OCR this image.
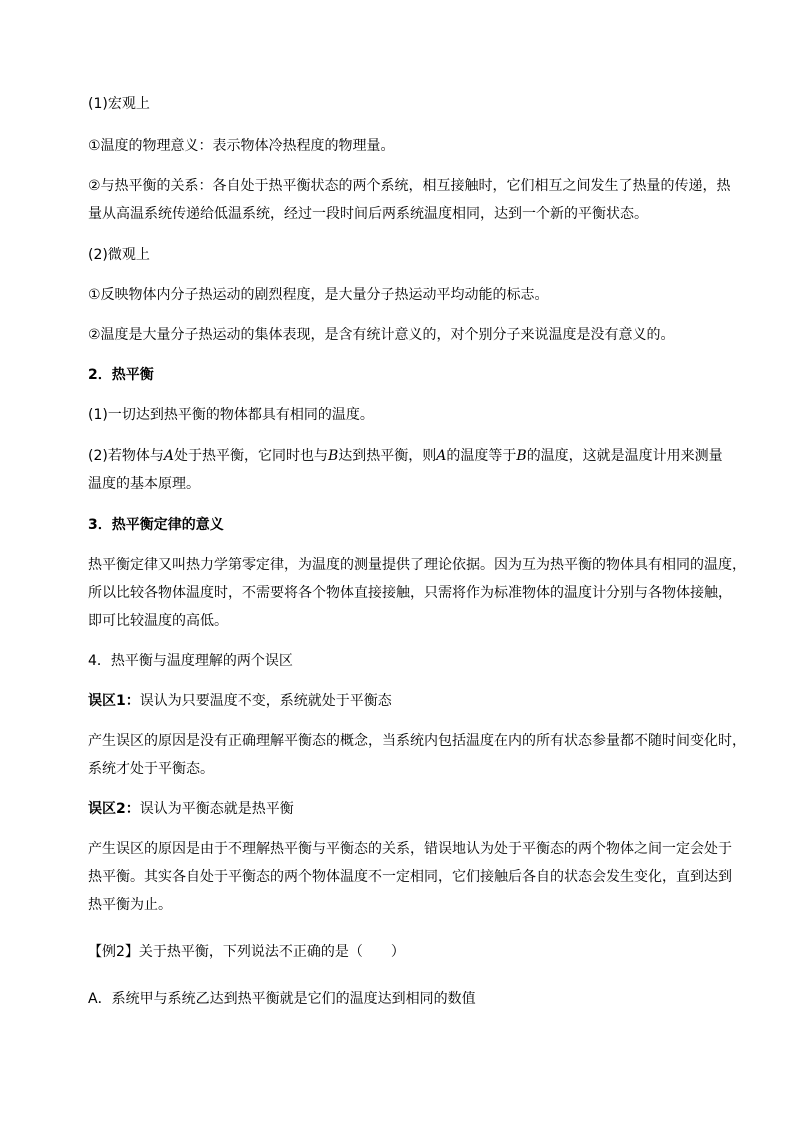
(1)宏观上
①温度的物理意义：表示物体冷热程度的物理量。
②与热平衡的关系：各自处于热平衡状态的两个系统，相互接触时，它们相互之间发生了热量的传递，热
量从高温系统传递给低温系统，经过一段时间后两系统温度相同，达到一个新的平衡状态。
(2)微观上
①反映物体内分子热运动的剧烈程度，是大量分子热运动平均动能的标志。
②温度是大量分子热运动的集体表现，是含有统计意义的，对个别分子来说温度是没有意义的。
2．热平衡
(1)一切达到热平衡的物体都具有相同的温度。
(2)若物体与A处于热平衡，它同时也与B达到热平衡，则A的温度等于B的温度，这就是温度计用来测量
温度的基本原理。
3．热平衡定律的意义
热平衡定律又叫热力学第零定律，为温度的测量提供了理论依据。因为互为热平衡的物体具有相同的温度，
所以比较各物体温度时，不需要将各个物体直接接触，只需将作为标准物体的温度计分别与各物体接触，
即可比较温度的高低。
4．热平衡与温度理解的两个误区
误区1：误认为只要温度不变，系统就处于平衡态
产生误区的原因是没有正确理解平衡态的概念，当系统内包括温度在内的所有状态参量都不随时间变化时，
系统才处于平衡态。
误区2：误认为平衡态就是热平衡
产生误区的原因是由于不理解热平衡与平衡态的关系，错误地认为处于平衡态的两个物体之间一定会处于
热平衡。其实各自处于平衡态的两个物体温度不一定相同，它们接触后各自的状态会发生变化，直到达到
热平衡为止。
【例2】关于热平衡，下列说法不正确的是（ ）
A．系统甲与系统乙达到热平衡就是它们的温度达到相同的数值
